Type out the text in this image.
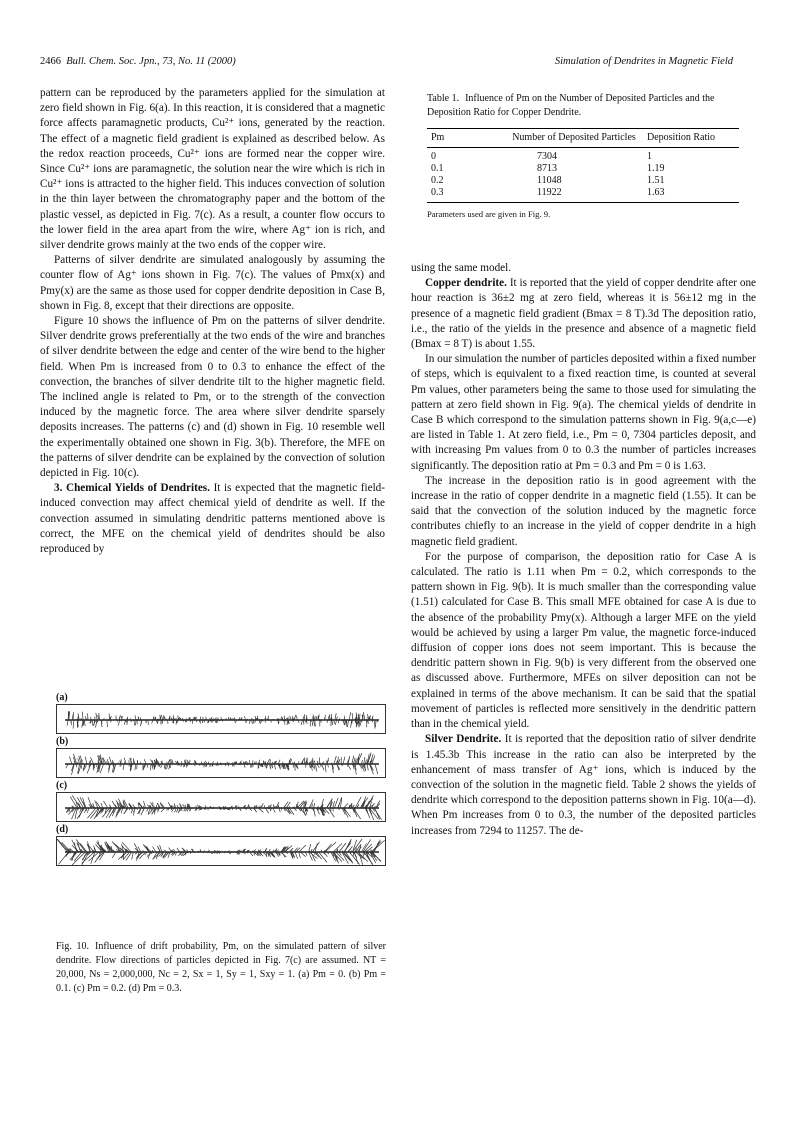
2466 Bull. Chem. Soc. Jpn., 73, No. 11 (2000)	Simulation of Dendrites in Magnetic Field

pattern can be reproduced by the parameters applied for the simulation at zero field shown in Fig. 6(a). In this reaction, it is considered that a magnetic force affects paramagnetic products, Cu²⁺ ions, generated by the reaction. The effect of a magnetic field gradient is explained as described below. As the redox reaction proceeds, Cu²⁺ ions are formed near the copper wire. Since Cu²⁺ ions are paramagnetic, the solution near the wire which is rich in Cu²⁺ ions is attracted to the higher field. This induces convection of solution in the thin layer between the chromatography paper and the bottom of the plastic vessel, as depicted in Fig. 7(c). As a result, a counter flow occurs to the lower field in the area apart from the wire, where Ag⁺ ion is rich, and silver dendrite grows mainly at the two ends of the copper wire.

Patterns of silver dendrite are simulated analogously by assuming the counter flow of Ag⁺ ions shown in Fig. 7(c). The values of Pmx(x) and Pmy(x) are the same as those used for copper dendrite deposition in Case B, shown in Fig. 8, except that their directions are opposite.

Figure 10 shows the influence of Pm on the patterns of silver dendrite. Silver dendrite grows preferentially at the two ends of the wire and branches of silver dendrite between the edge and center of the wire bend to the higher field. When Pm is increased from 0 to 0.3 to enhance the effect of the convection, the branches of silver dendrite tilt to the higher magnetic field. The inclined angle is related to Pm, or to the strength of the convection induced by the magnetic force. The area where silver dendrite sparsely deposits increases. The patterns (c) and (d) shown in Fig. 10 resemble well the experimentally obtained one shown in Fig. 3(b). Therefore, the MFE on the patterns of silver dendrite can be explained by the convection of solution depicted in Fig. 10(c).

3. Chemical Yields of Dendrites. It is expected that the magnetic field-induced convection may affect chemical yield of dendrite as well. If the convection assumed in simulating dendritic patterns mentioned above is correct, the MFE on the chemical yield of dendrites should be also reproduced by

(a)
(b)
(c)
(d)
Fig. 10. Influence of drift probability, Pm, on the simulated pattern of silver dendrite. Flow directions of particles depicted in Fig. 7(c) are assumed. NT = 20,000, Ns = 2,000,000, Nc = 2, Sx = 1, Sy = 1, Sxy = 1. (a) Pm = 0. (b) Pm = 0.1. (c) Pm = 0.2. (d) Pm = 0.3.
Table 1. Influence of Pm on the Number of Deposited Particles and the Deposition Ratio for Copper Dendrite.
Pm	Number of Deposited Particles	Deposition Ratio
0	7304	1
0.1	8713	1.19
0.2	11048	1.51
0.3	11922	1.63
Parameters used are given in Fig. 9.

using the same model.

Copper dendrite. It is reported that the yield of copper dendrite after one hour reaction is 36±2 mg at zero field, whereas it is 56±12 mg in the presence of a magnetic field gradient (Bmax = 8 T).3d The deposition ratio, i.e., the ratio of the yields in the presence and absence of a magnetic field (Bmax = 8 T) is about 1.55.

In our simulation the number of particles deposited within a fixed number of steps, which is equivalent to a fixed reaction time, is counted at several Pm values, other parameters being the same to those used for simulating the pattern at zero field shown in Fig. 9(a). The chemical yields of dendrite in Case B which correspond to the simulation patterns shown in Fig. 9(a,c—e) are listed in Table 1. At zero field, i.e., Pm = 0, 7304 particles deposit, and with increasing Pm values from 0 to 0.3 the number of particles increases significantly. The deposition ratio at Pm = 0.3 and Pm = 0 is 1.63.

The increase in the deposition ratio is in good agreement with the increase in the ratio of copper dendrite in a magnetic field (1.55). It can be said that the convection of the solution induced by the magnetic force contributes chiefly to an increase in the yield of copper dendrite in a high magnetic field gradient.

For the purpose of comparison, the deposition ratio for Case A is calculated. The ratio is 1.11 when Pm = 0.2, which corresponds to the pattern shown in Fig. 9(b). It is much smaller than the corresponding value (1.51) calculated for Case B. This small MFE obtained for case A is due to the absence of the probability Pmy(x). Although a larger MFE on the yield would be achieved by using a larger Pm value, the magnetic force-induced diffusion of copper ions does not seem important. This is because the dendritic pattern shown in Fig. 9(b) is very different from the observed one as discussed above. Furthermore, MFEs on silver deposition can not be explained in terms of the above mechanism. It can be said that the spatial movement of particles is reflected more sensitively in the dendritic pattern than in the chemical yield.

Silver Dendrite. It is reported that the deposition ratio of silver dendrite is 1.45.3b This increase in the ratio can also be interpreted by the enhancement of mass transfer of Ag⁺ ions, which is induced by the convection of the solution in the magnetic field. Table 2 shows the yields of dendrite which correspond to the deposition patterns shown in Fig. 10(a—d). When Pm increases from 0 to 0.3, the number of the deposited particles increases from 7294 to 11257. The de-
